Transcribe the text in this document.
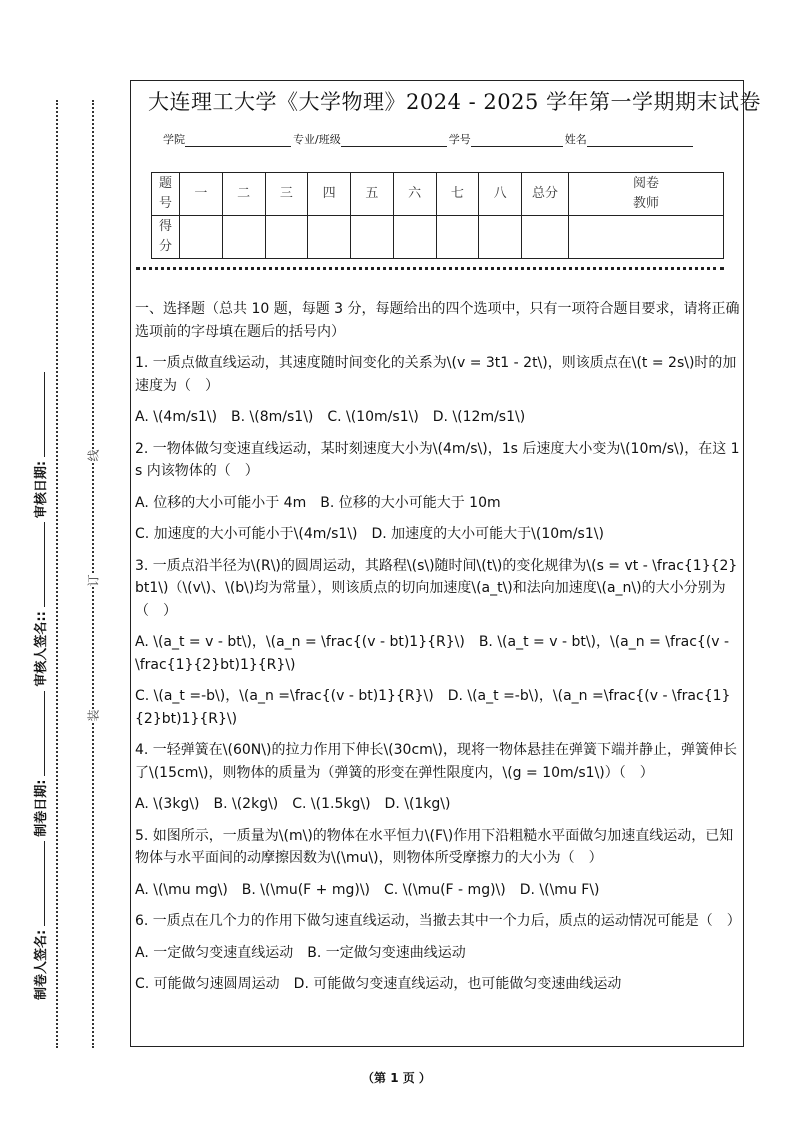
制卷人签名:
制卷日期:
审核人签名::
审核日期:
装
订
线
大连理工大学《大学物理》2024 - 2025 学年第一学期期末试卷
学院	专业/班级	学号	姓名
题
号	一	二	三	四	五	六	七	八	总分	阅卷
教师
得
分										

一、选择题（总共 10 题，每题 3 分，每题给出的四个选项中，只有一项符合题目要求，请将正确选项前的字母填在题后的括号内）

1. 一质点做直线运动，其速度随时间变化的关系为\(v = 3t1 - 2t\)，则该质点在\(t = 2s\)时的加速度为（　）

A. \(4m/s1\)　B. \(8m/s1\)　C. \(10m/s1\)　D. \(12m/s1\)

2. 一物体做匀变速直线运动，某时刻速度大小为\(4m/s\)，1s 后速度大小变为\(10m/s\)，在这 1s 内该物体的（　）

A. 位移的大小可能小于 4m　B. 位移的大小可能大于 10m

C. 加速度的大小可能小于\(4m/s1\)　D. 加速度的大小可能大于\(10m/s1\)

3. 一质点沿半径为\(R\)的圆周运动，其路程\(s\)随时间\(t\)的变化规律为\(s = vt - \frac{1}{2}bt1\)（\(v\)、\(b\)均为常量），则该质点的切向加速度\(a_t\)和法向加速度\(a_n\)的大小分别为（　）

A. \(a_t = v - bt\)，\(a_n = \frac{(v - bt)1}{R}\)　B. \(a_t = v - bt\)，\(a_n = \frac{(v - \frac{1}{2}bt)1}{R}\)

C. \(a_t =-b\)，\(a_n =\frac{(v - bt)1}{R}\)　D. \(a_t =-b\)，\(a_n =\frac{(v - \frac{1}{2}bt)1}{R}\)

4. 一轻弹簧在\(60N\)的拉力作用下伸长\(30cm\)，现将一物体悬挂在弹簧下端并静止，弹簧伸长了\(15cm\)，则物体的质量为（弹簧的形变在弹性限度内，\(g = 10m/s1\)）（　）

A. \(3kg\)　B. \(2kg\)　C. \(1.5kg\)　D. \(1kg\)

5. 如图所示，一质量为\(m\)的物体在水平恒力\(F\)作用下沿粗糙水平面做匀加速直线运动，已知物体与水平面间的动摩擦因数为\(\mu\)，则物体所受摩擦力的大小为（　）

A. \(\mu mg\)　B. \(\mu(F + mg)\)　C. \(\mu(F - mg)\)　D. \(\mu F\)

6. 一质点在几个力的作用下做匀速直线运动，当撤去其中一个力后，质点的运动情况可能是（　）

A. 一定做匀变速直线运动　B. 一定做匀变速曲线运动

C. 可能做匀速圆周运动　D. 可能做匀变速直线运动，也可能做匀变速曲线运动

（第 1 页 ）
